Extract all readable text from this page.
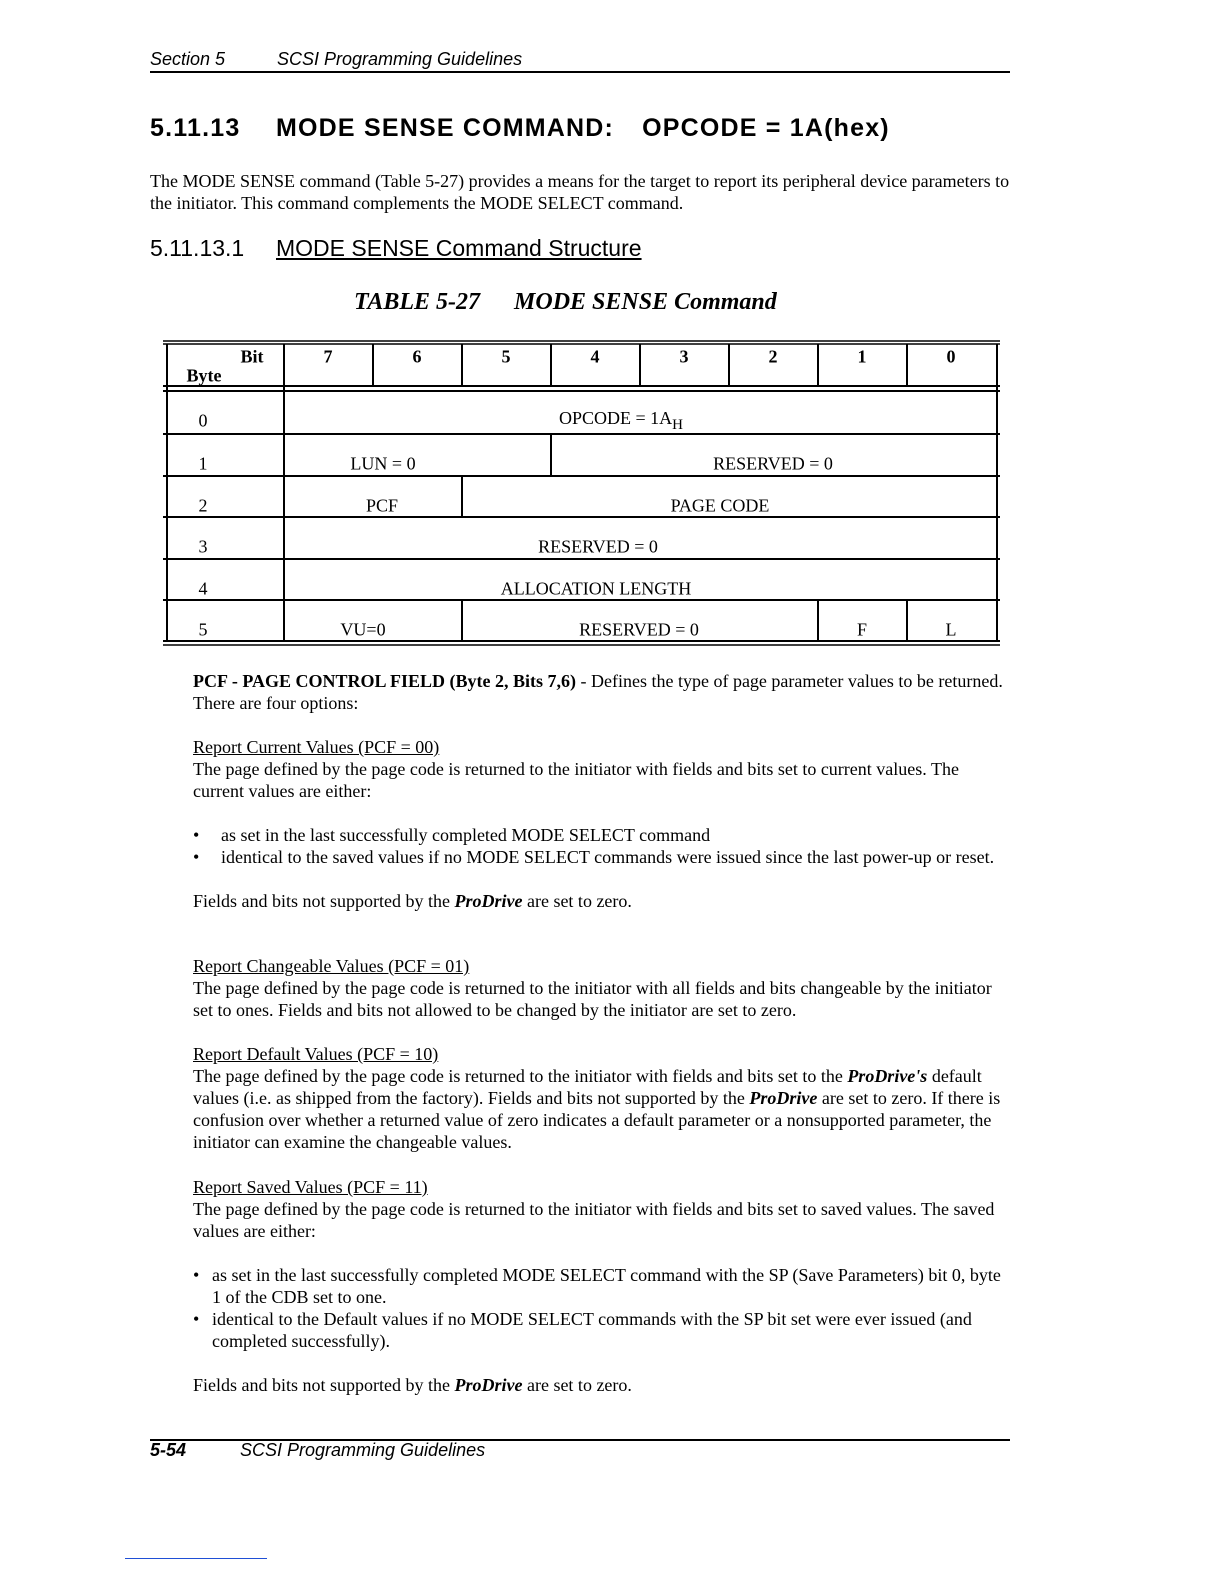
Section 5	SCSI Programming Guidelines
5.11.13 MODE SENSE COMMAND: OPCODE = 1A(hex)
The MODE SENSE command (Table 5-27) provides a means for the target to report its peripheral device parameters to the initiator. This command complements the MODE SELECT command.
5.11.13.1 MODE SENSE Command Structure
TABLE 5-27 MODE SENSE Command
Bit
Byte
7	6	5	4	3	2	1	0
0	OPCODE = $1A_H$
1	LUN = 0	RESERVED = 0
2	PCF	PAGE CODE
3	RESERVED = 0
4	ALLOCATION LENGTH
5	VU=0	RESERVED = 0	F	L
PCF - PAGE CONTROL FIELD (Byte 2, Bits 7,6) - Defines the type of page parameter values to be returned. There are four options:
Report Current Values (PCF = 00)
The page defined by the page code is returned to the initiator with fields and bits set to current values. The current values are either:
• as set in the last successfully completed MODE SELECT command
• identical to the saved values if no MODE SELECT commands were issued since the last power-up or reset.
Fields and bits not supported by the ProDrive are set to zero.
Report Changeable Values (PCF = 01)
The page defined by the page code is returned to the initiator with all fields and bits changeable by the initiator set to ones. Fields and bits not allowed to be changed by the initiator are set to zero.
Report Default Values (PCF = 10)
The page defined by the page code is returned to the initiator with fields and bits set to the ProDrive's default values (i.e. as shipped from the factory). Fields and bits not supported by the ProDrive are set to zero. If there is confusion over whether a returned value of zero indicates a default parameter or a nonsupported parameter, the initiator can examine the changeable values.
Report Saved Values (PCF = 11)
The page defined by the page code is returned to the initiator with fields and bits set to saved values. The saved values are either:
• as set in the last successfully completed MODE SELECT command with the SP (Save Parameters) bit 0, byte 1 of the CDB set to one.
• identical to the Default values if no MODE SELECT commands with the SP bit set were ever issued (and completed successfully).
Fields and bits not supported by the ProDrive are set to zero.
5-54	SCSI Programming Guidelines
